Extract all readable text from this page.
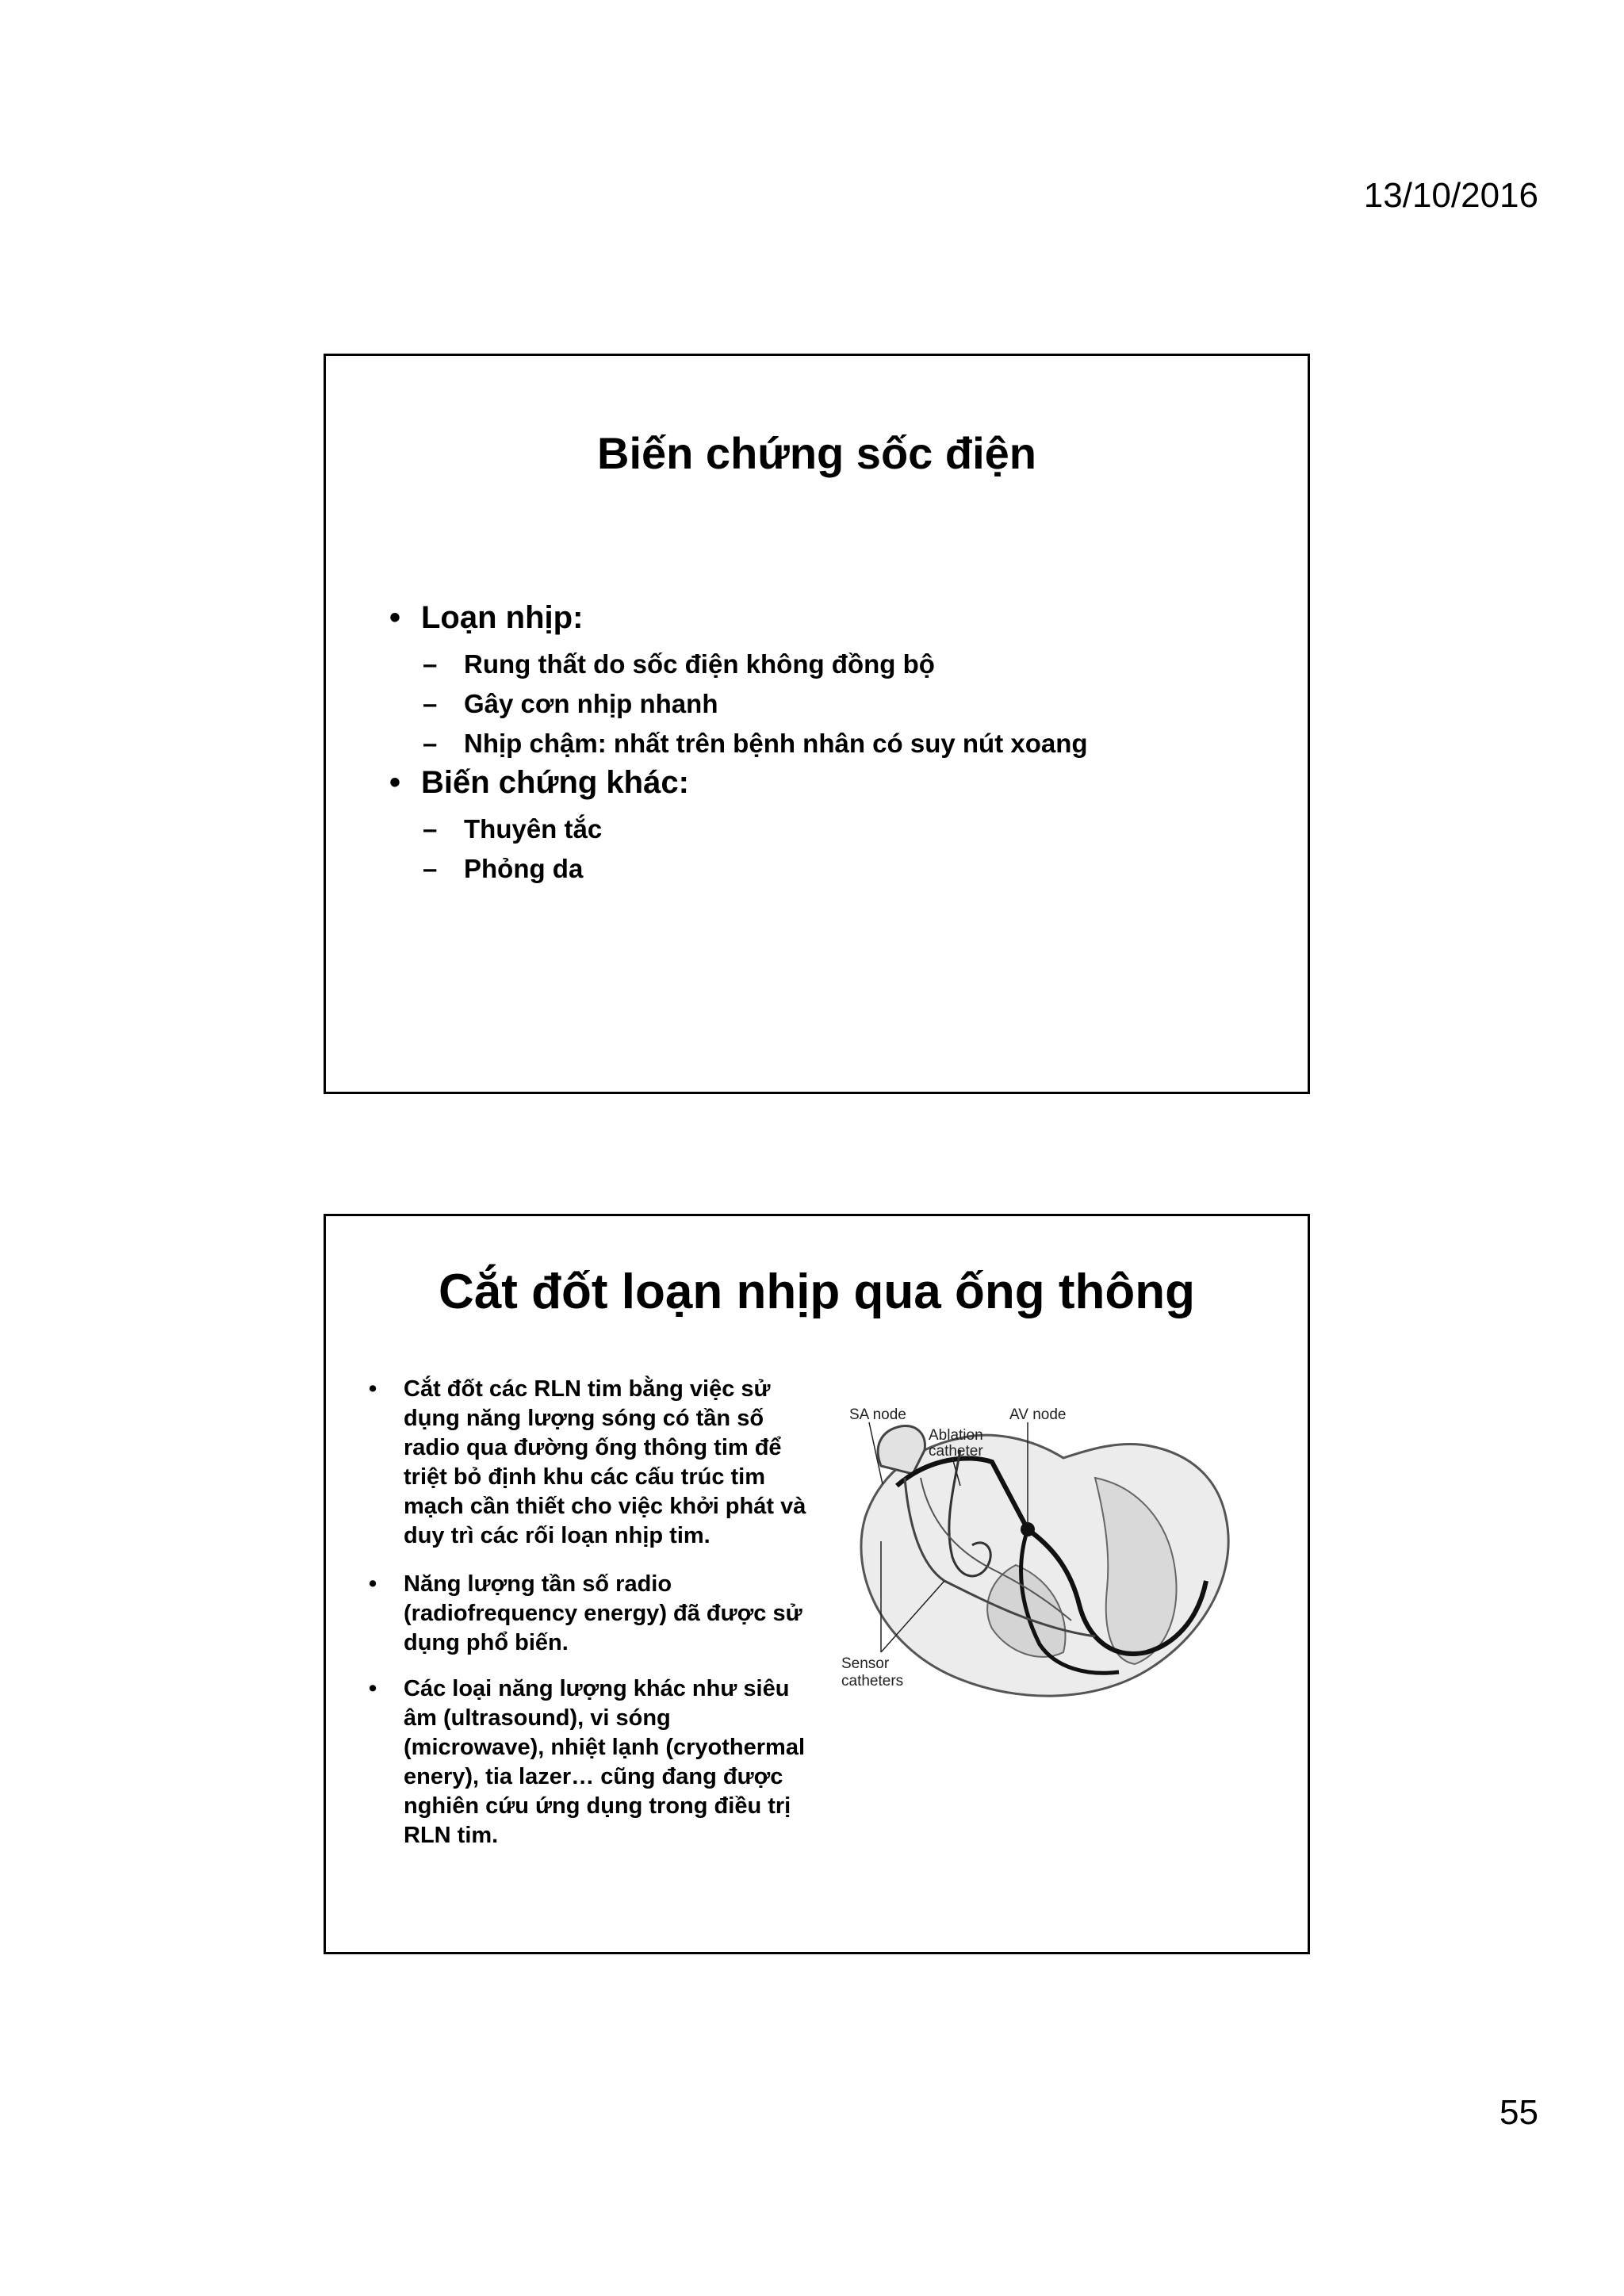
13/10/2016
Biến chứng sốc điện
• Loạn nhịp:
– Rung thất do sốc điện không đồng bộ
– Gây cơn nhịp nhanh
– Nhịp chậm: nhất trên bệnh nhân có suy nút xoang
• Biến chứng khác:
– Thuyên tắc
– Phỏng da
Cắt đốt loạn nhịp qua ống thông
• Cắt đốt các RLN tim bằng việc sử dụng năng lượng sóng có tần số radio qua đường ống thông tim để triệt bỏ định khu các cấu trúc tim mạch cần thiết cho việc khởi phát và duy trì các rối loạn nhịp tim.
• Năng lượng tần số radio (radiofrequency energy) đã được sử dụng phổ biến.
• Các loại năng lượng khác như siêu âm (ultrasound), vi sóng (microwave), nhiệt lạnh (cryothermal enery), tia lazer… cũng đang được nghiên cứu ứng dụng trong điều trị RLN tim.
SA node	AV node
Ablation
catheter
Sensor
catheters
55
